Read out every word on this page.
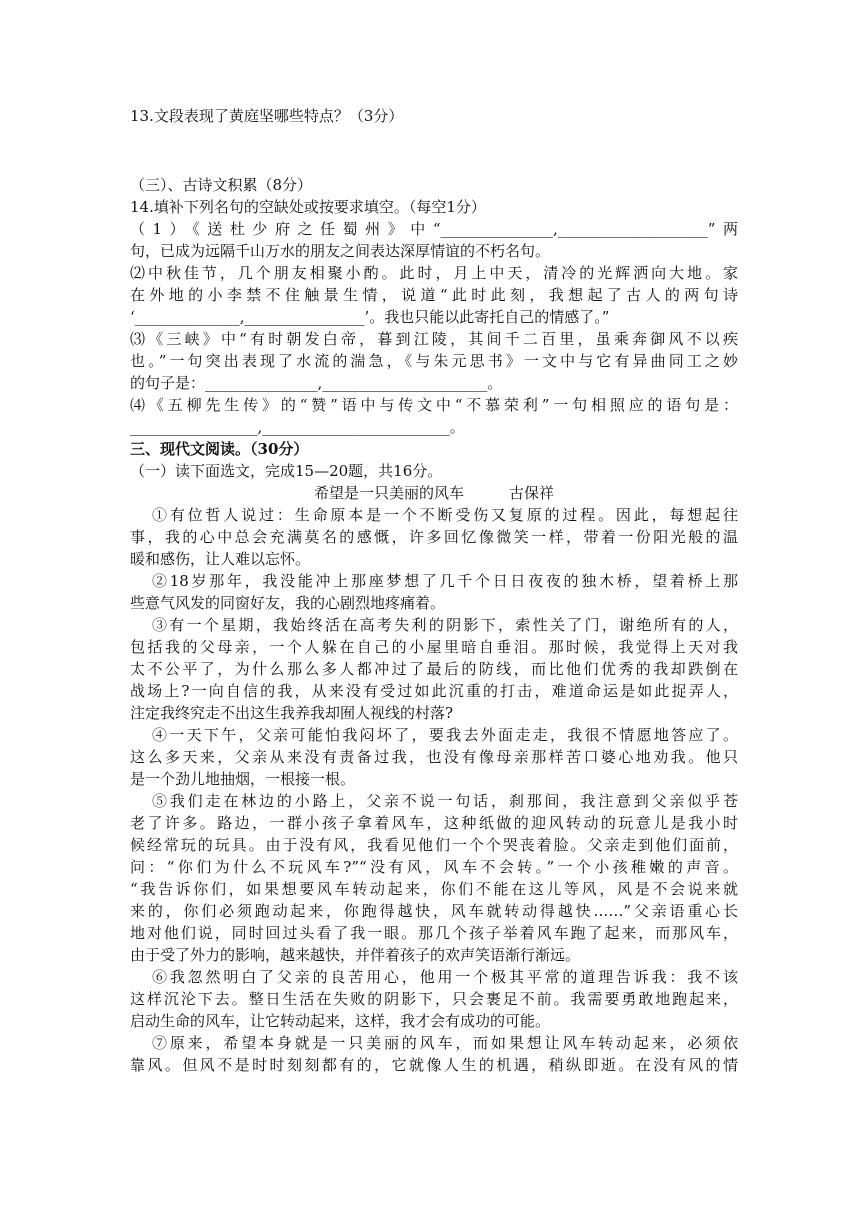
13.文段表现了黄庭坚哪些特点？（3分）
（三）、古诗文积累（8分）
14.填补下列名句的空缺处或按要求填空。（每空1分）
（1）《送杜少府之任蜀州》中“_______________,____________________”两
句，已成为远隔千山万水的朋友之间表达深厚情谊的不朽名句。
⑵中秋佳节，几个朋友相聚小酌。此时，月上中天，清冷的光辉洒向大地。家
在外地的小李禁不住触景生情，说道“此时此刻，我想起了古人的两句诗
‘______________,________________’。我也只能以此寄托自己的情感了。”
⑶《三峡》中“有时朝发白帝，暮到江陵，其间千二百里，虽乘奔御风不以疾
也。”一句突出表现了水流的湍急，《与朱元思书》一文中与它有异曲同工之妙
的句子是：_______________,______________________。
⑷《五柳先生传》的“赞”语中与传文中“不慕荣利”一句相照应的语句是：
_________________,_________________________。
三、现代文阅读。（30分）
（一）读下面选文，完成15—20题，共16分。
希望是一只美丽的风车　　　古保祥
①有位哲人说过：生命原本是一个不断受伤又复原的过程。因此，每想起往
事，我的心中总会充满莫名的感慨，许多回忆像微笑一样，带着一份阳光般的温
暖和感伤，让人难以忘怀。
②18岁那年，我没能冲上那座梦想了几千个日日夜夜的独木桥，望着桥上那
些意气风发的同窗好友，我的心剧烈地疼痛着。
③有一个星期，我始终活在高考失利的阴影下，索性关了门，谢绝所有的人，
包括我的父母亲，一个人躲在自己的小屋里暗自垂泪。那时候，我觉得上天对我
太不公平了，为什么那么多人都冲过了最后的防线，而比他们优秀的我却跌倒在
战场上?一向自信的我，从来没有受过如此沉重的打击，难道命运是如此捉弄人，
注定我终究走不出这生我养我却囿人视线的村落?
④一天下午，父亲可能怕我闷坏了，要我去外面走走，我很不情愿地答应了。
这么多天来，父亲从来没有责备过我，也没有像母亲那样苦口婆心地劝我。他只
是一个劲儿地抽烟，一根接一根。
⑤我们走在林边的小路上，父亲不说一句话，刹那间，我注意到父亲似乎苍
老了许多。路边，一群小孩子拿着风车，这种纸做的迎风转动的玩意儿是我小时
候经常玩的玩具。由于没有风，我看见他们一个个哭丧着脸。父亲走到他们面前，
问：“你们为什么不玩风车?”“没有风，风车不会转。”一个小孩稚嫩的声音。
“我告诉你们，如果想要风车转动起来，你们不能在这儿等风，风是不会说来就
来的，你们必须跑动起来，你跑得越快，风车就转动得越快……”父亲语重心长
地对他们说，同时回过头看了我一眼。那几个孩子举着风车跑了起来，而那风车，
由于受了外力的影响，越来越快，并伴着孩子的欢声笑语渐行渐远。
⑥我忽然明白了父亲的良苦用心，他用一个极其平常的道理告诉我：我不该
这样沉沦下去。整日生活在失败的阴影下，只会裹足不前。我需要勇敢地跑起来，
启动生命的风车，让它转动起来，这样，我才会有成功的可能。
⑦原来，希望本身就是一只美丽的风车，而如果想让风车转动起来，必须依
靠风。但风不是时时刻刻都有的，它就像人生的机遇，稍纵即逝。在没有风的情
